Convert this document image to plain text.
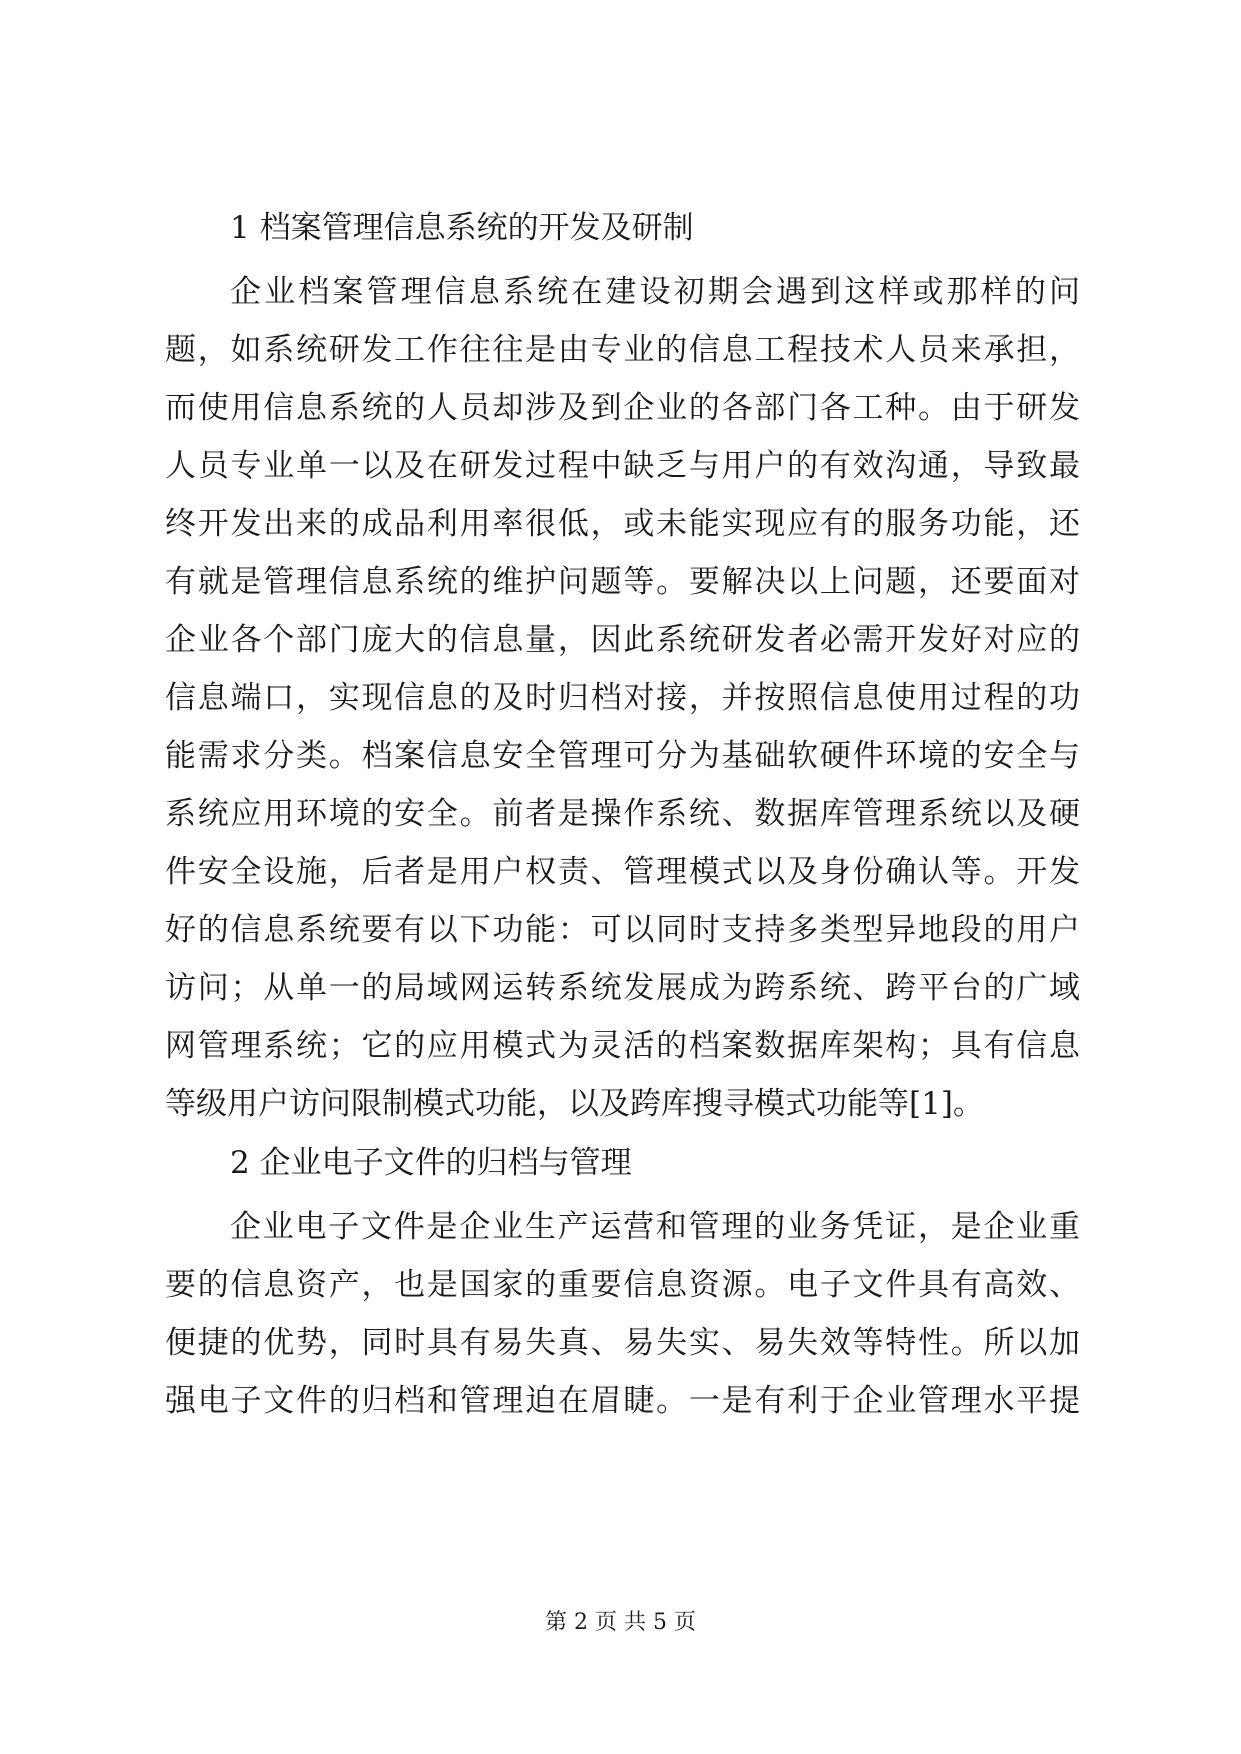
1 档案管理信息系统的开发及研制
企业档案管理信息系统在建设初期会遇到这样或那样的问
题，如系统研发工作往往是由专业的信息工程技术人员来承担，
而使用信息系统的人员却涉及到企业的各部门各工种。由于研发
人员专业单一以及在研发过程中缺乏与用户的有效沟通，导致最
终开发出来的成品利用率很低，或未能实现应有的服务功能，还
有就是管理信息系统的维护问题等。要解决以上问题，还要面对
企业各个部门庞大的信息量，因此系统研发者必需开发好对应的
信息端口，实现信息的及时归档对接，并按照信息使用过程的功
能需求分类。档案信息安全管理可分为基础软硬件环境的安全与
系统应用环境的安全。前者是操作系统、数据库管理系统以及硬
件安全设施，后者是用户权责、管理模式以及身份确认等。开发
好的信息系统要有以下功能：可以同时支持多类型异地段的用户
访问；从单一的局域网运转系统发展成为跨系统、跨平台的广域
网管理系统；它的应用模式为灵活的档案数据库架构；具有信息
等级用户访问限制模式功能，以及跨库搜寻模式功能等[1]。
2 企业电子文件的归档与管理
企业电子文件是企业生产运营和管理的业务凭证，是企业重
要的信息资产，也是国家的重要信息资源。电子文件具有高效、
便捷的优势，同时具有易失真、易失实、易失效等特性。所以加
强电子文件的归档和管理迫在眉睫。一是有利于企业管理水平提
第 2 页 共 5 页
